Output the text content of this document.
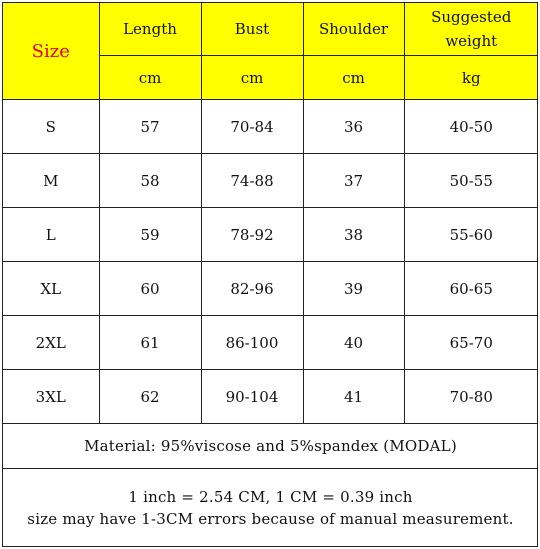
Size	Length	Bust	Shoulder	Suggested
weight

	cm	cm	cm	kg
S	57	70-84	36	40-50
M	58	74-88	37	50-55
L	59	78-92	38	55-60
XL	60	82-96	39	60-65
2XL	61	86-100	40	65-70
3XL	62	90-104	41	70-80
Material: 95%viscose and 5%spandex (MODAL)				

1 inch = 2.54 CM, 1 CM = 0.39 inch
size may have 1-3CM errors because of manual measurement.				
